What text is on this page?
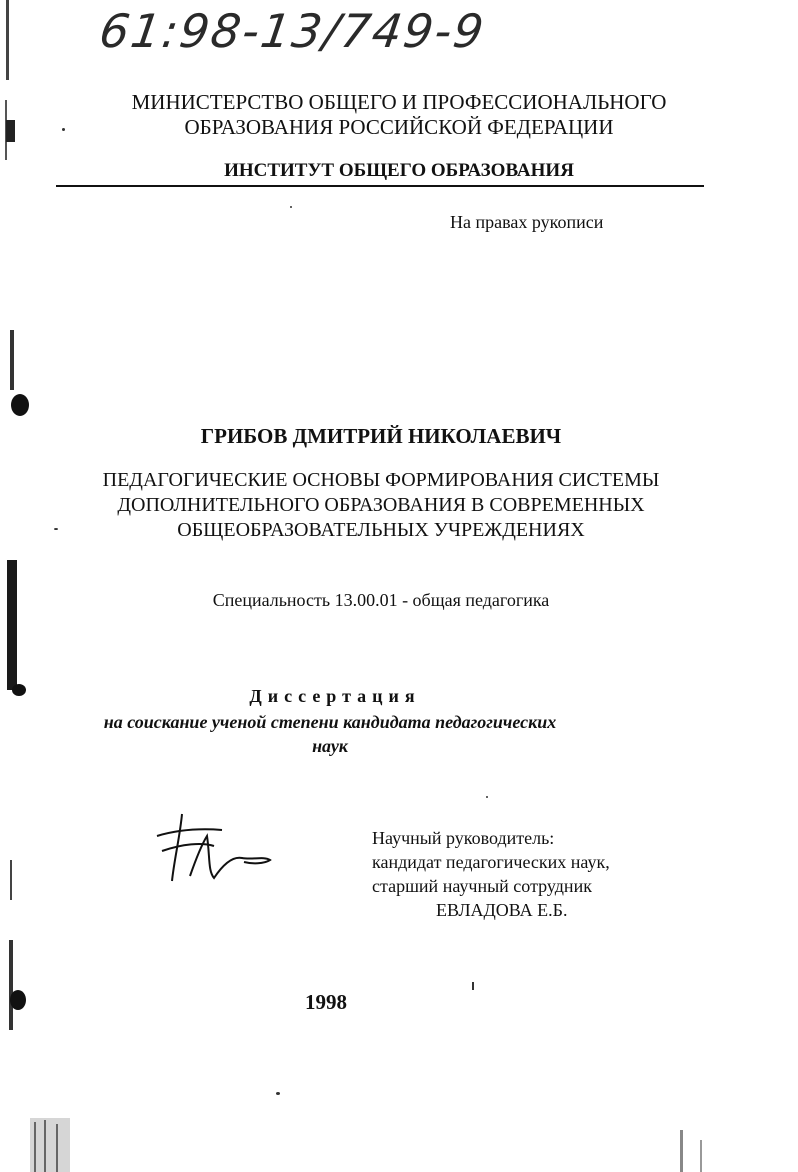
61:98-13/749-9
МИНИСТЕРСТВО ОБЩЕГО И ПРОФЕССИОНАЛЬНОГО
ОБРАЗОВАНИЯ РОССИЙСКОЙ ФЕДЕРАЦИИ
ИНСТИТУТ ОБЩЕГО ОБРАЗОВАНИЯ
На правах рукописи
ГРИБОВ ДМИТРИЙ НИКОЛАЕВИЧ
ПЕДАГОГИЧЕСКИЕ ОСНОВЫ ФОРМИРОВАНИЯ СИСТЕМЫ
ДОПОЛНИТЕЛЬНОГО ОБРАЗОВАНИЯ В СОВРЕМЕННЫХ
ОБЩЕОБРАЗОВАТЕЛЬНЫХ УЧРЕЖДЕНИЯХ
Специальность 13.00.01 - общая педагогика
Диссертация
на соискание ученой степени кандидата педагогических
наук
Научный руководитель:
кандидат педагогических наук,
старший научный сотрудник
ЕВЛАДОВА Е.Б.
1998
